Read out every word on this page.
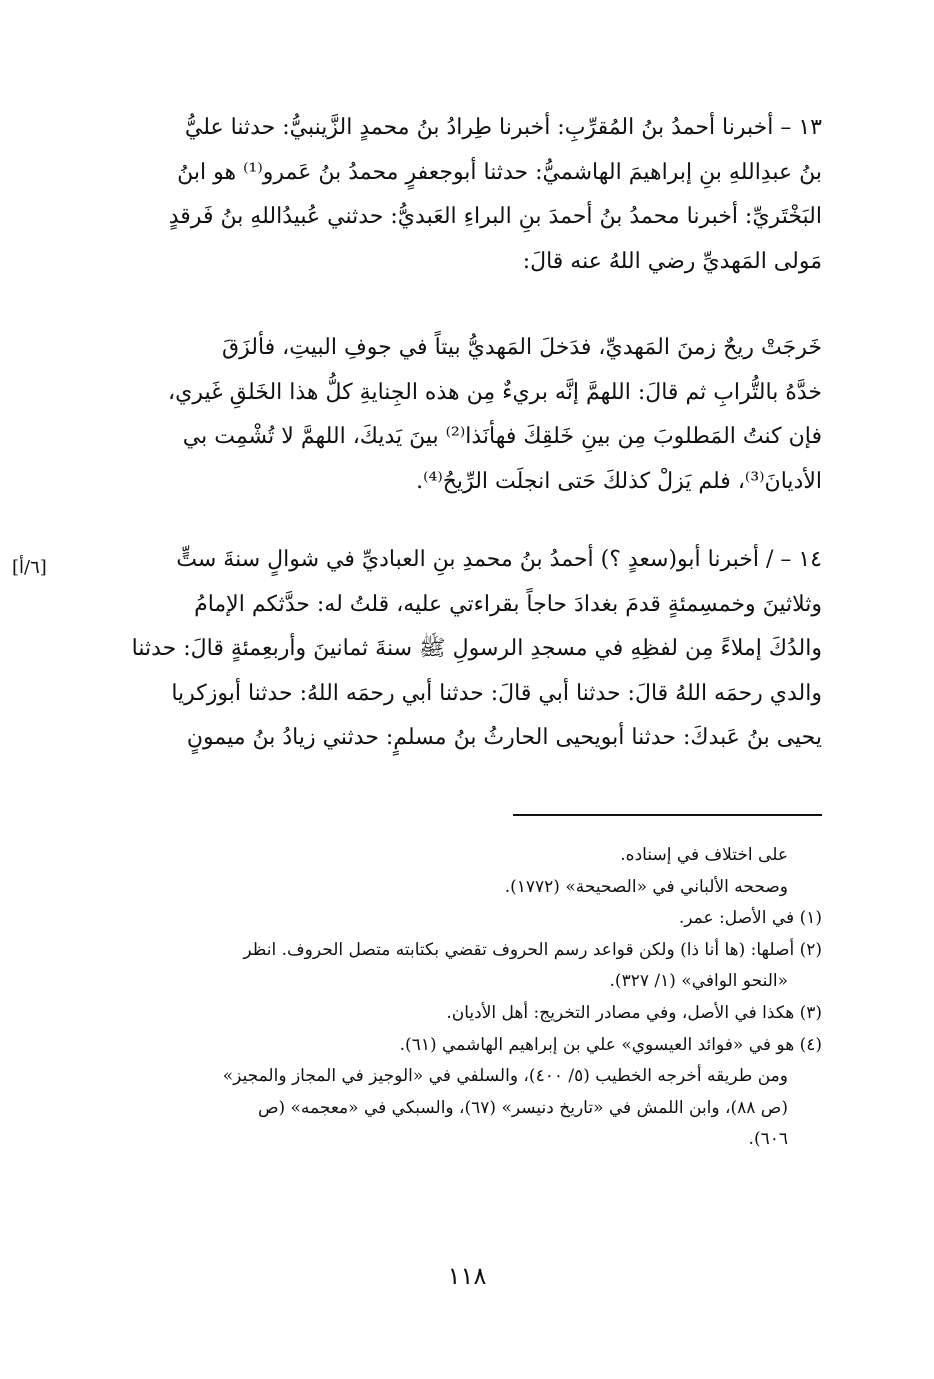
١٣ – أخبرنا أحمدُ بنُ المُقرِّبِ: أخبرنا طِرادُ بنُ محمدٍ الزَّينبيُّ: حدثنا عليُّ
بنُ عبدِاللهِ بنِ إبراهيمَ الهاشميُّ: حدثنا أبوجعفرٍ محمدُ بنُ عَمرو⁽¹⁾ هو ابنُ
البَخْتَريِّ: أخبرنا محمدُ بنُ أحمدَ بنِ البراءِ العَبديُّ: حدثني عُبيدُاللهِ بنُ فَرقدٍ
مَولى المَهديِّ رضي اللهُ عنه قالَ:
خَرجَتْ ريحٌ زمنَ المَهديِّ، فدَخلَ المَهديُّ بيتاً في جوفِ البيتِ، فألزَقَ
خدَّهُ بالتُّرابِ ثم قالَ: اللهمَّ إنَّه بريءٌ مِن هذه الجِنايةِ كلُّ هذا الخَلقِ غَيري،
فإن كنتُ المَطلوبَ مِن بينِ خَلقِكَ فهأنَذا⁽²⁾ بينَ يَديكَ، اللهمَّ لا تُشْمِت بي
الأديانَ⁽³⁾، فلم يَزلْ كذلكَ حَتى انجلَت الرِّيحُ⁽⁴⁾.
[٦/أ]	١٤ – / أخبرنا أبو(سعدٍ ؟) أحمدُ بنُ محمدِ بنِ العباديِّ في شوالٍ سنةَ ستٍّ
وثلاثينَ وخمسِمئةٍ قدمَ بغدادَ حاجاً بقراءتي عليه، قلتُ له: حدَّثكم الإمامُ
والدُكَ إملاءً مِن لفظِهِ في مسجدِ الرسولِ ﷺ سنةَ ثمانينَ وأربعِمئةٍ قالَ: حدثنا
والدي رحمَه اللهُ قالَ: حدثنا أبي قالَ: حدثنا أبي رحمَه اللهُ: حدثنا أبوزكريا
يحيى بنُ عَبدكَ: حدثنا أبويحيى الحارثُ بنُ مسلمٍ: حدثني زيادُ بنُ ميمونٍ
على اختلاف في إسناده.
وصححه الألباني في «الصحيحة» (١٧٧٢).
(١) في الأصل: عمر.
(٢) أصلها: (ها أنا ذا) ولكن قواعد رسم الحروف تقضي بكتابته متصل الحروف. انظر
«النحو الوافي» (١/ ٣٢٧).
(٣) هكذا في الأصل، وفي مصادر التخريج: أهل الأديان.
(٤) هو في «فوائد العيسوي» علي بن إبراهيم الهاشمي (٦١).
ومن طريقه أخرجه الخطيب (٥/ ٤٠٠)، والسلفي في «الوجيز في المجاز والمجيز»
(ص ٨٨)، وابن اللمش في «تاريخ دنيسر» (٦٧)، والسبكي في «معجمه» (ص
٦٠٦).
١١٨
